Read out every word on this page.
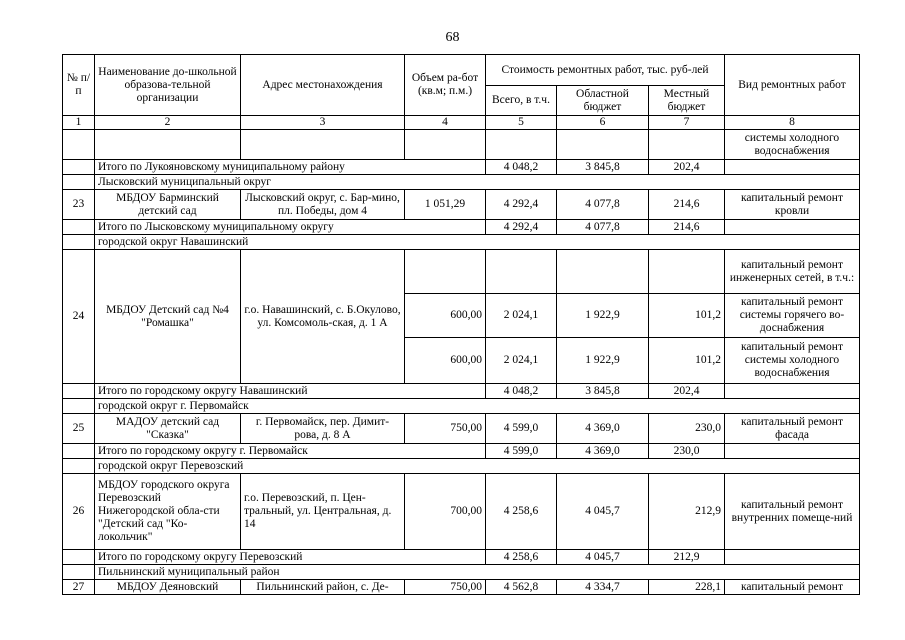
68
№ п/п	Наименование до-школьной образова-тельной организации	Адрес местонахождения	Объем ра-бот (кв.м; п.м.)	Стоимость ремонтных работ, тыс. руб-лей			Вид ремонтных работ
				Всего, в т.ч.	Областной бюджет	Местный бюджет	
1	2	3	4	5	6	7	8
							системы холодного водоснабжения
	Итого по Лукояновскому муниципальному району			4 048,2	3 845,8	202,4	
	Лысковский муниципальный округ						
23	МБДОУ Барминский детский сад	Лысковский округ, с. Бар-мино, пл. Победы, дом 4	1 051,29	4 292,4	4 077,8	214,6	капитальный ремонт кровли
	Итого по Лысковскому муниципальному округу			4 292,4	4 077,8	214,6	
	городской округ Навашинский						
24	МБДОУ Детский сад №4 "Ромашка"	г.о. Навашинский, с. Б.Окулово, ул. Комсомоль-ская, д. 1 А					капитальный ремонт инженерных сетей, в т.ч.:
			600,00	2 024,1	1 922,9	101,2	капитальный ремонт системы горячего во-доснабжения
			600,00	2 024,1	1 922,9	101,2	капитальный ремонт системы холодного водоснабжения
	Итого по городскому округу Навашинский			4 048,2	3 845,8	202,4	
	городской округ г. Первомайск						
25	МАДОУ детский сад "Сказка"	г. Первомайск, пер. Димит-рова, д. 8 А	750,00	4 599,0	4 369,0	230,0	капитальный ремонт фасада
	Итого по городскому округу г. Первомайск			4 599,0	4 369,0	230,0	
	городской округ Перевозский						
26	МБДОУ городского округа Перевозский Нижегородской обла-сти "Детский сад "Ко-локольчик"	г.о. Перевозский, п. Цен-тральный, ул. Центральная, д. 14	700,00	4 258,6	4 045,7	212,9	капитальный ремонт внутренних помеще-ний
	Итого по городскому округу Перевозский			4 258,6	4 045,7	212,9	
	Пильнинский муниципальный район						
27	МБДОУ Деяновский	Пильнинский район, с. Де-	750,00	4 562,8	4 334,7	228,1	капитальный ремонт
